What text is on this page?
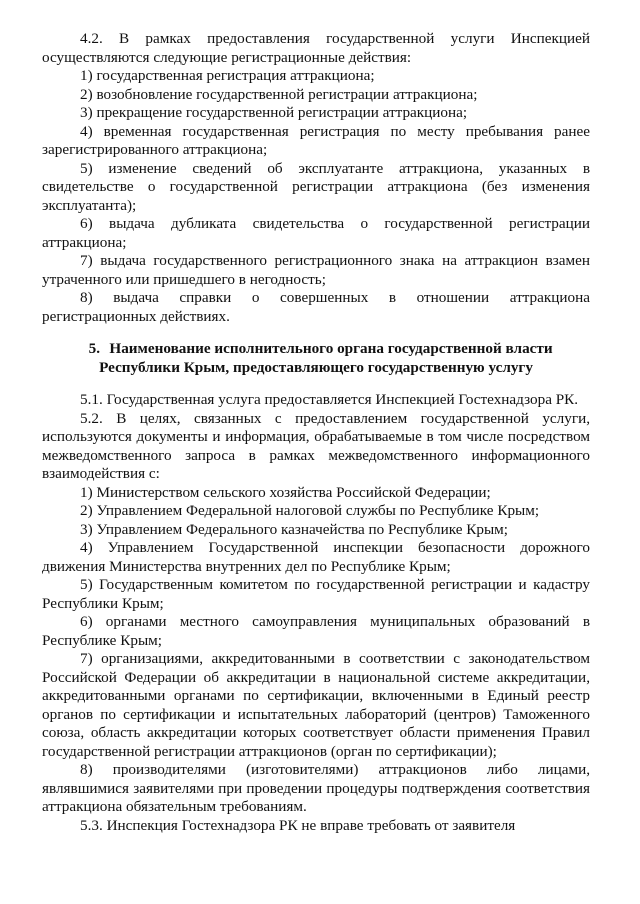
4.2. В рамках предоставления государственной услуги Инспекцией осуществляются следующие регистрационные действия:

1) государственная регистрация аттракциона;

2) возобновление государственной регистрации аттракциона;

3) прекращение государственной регистрации аттракциона;

4) временная государственная регистрация по месту пребывания ранее зарегистрированного аттракциона;

5) изменение сведений об эксплуатанте аттракциона, указанных в свидетельстве о государственной регистрации аттракциона (без изменения эксплуатанта);

6) выдача дубликата свидетельства о государственной регистрации аттракциона;

7) выдача государственного регистрационного знака на аттракцион взамен утраченного или пришедшего в негодность;

8) выдача справки о совершенных в отношении аттракциона регистрационных действиях.

5. Наименование исполнительного органа государственной власти
Республики Крым, предоставляющего государственную услугу

5.1. Государственная услуга предоставляется Инспекцией Гостехнадзора РК.

5.2. В целях, связанных с предоставлением государственной услуги, используются документы и информация, обрабатываемые в том числе посредством межведомственного запроса в рамках межведомственного информационного взаимодействия с:

1) Министерством сельского хозяйства Российской Федерации;

2) Управлением Федеральной налоговой службы по Республике Крым;

3) Управлением Федерального казначейства по Республике Крым;

4) Управлением Государственной инспекции безопасности дорожного движения Министерства внутренних дел по Республике Крым;

5) Государственным комитетом по государственной регистрации и кадастру Республики Крым;

6) органами местного самоуправления муниципальных образований в Республике Крым;

7) организациями, аккредитованными в соответствии с законодательством Российской Федерации об аккредитации в национальной системе аккредитации, аккредитованными органами по сертификации, включенными в Единый реестр органов по сертификации и испытательных лабораторий (центров) Таможенного союза, область аккредитации которых соответствует области применения Правил государственной регистрации аттракционов (орган по сертификации);

8) производителями (изготовителями) аттракционов либо лицами, являвшимися заявителями при проведении процедуры подтверждения соответствия аттракциона обязательным требованиям.

5.3. Инспекция Гостехнадзора РК не вправе требовать от заявителя
